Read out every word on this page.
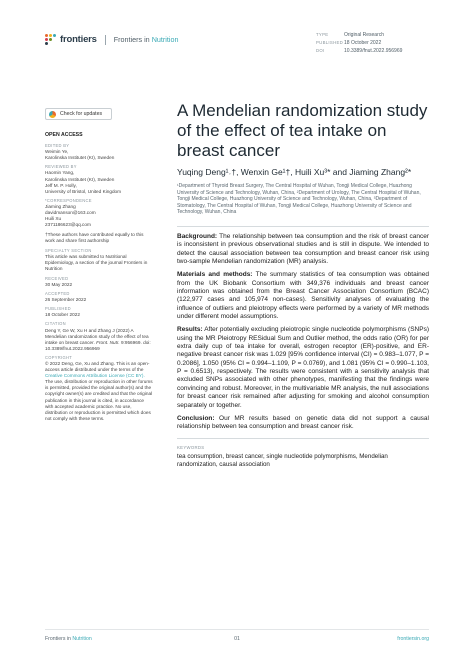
frontiers Frontiers in Nutrition
TYPE	Original Research
PUBLISHED18 October 2022
DOI	10.3389/fnut.2022.956969
Check for updates
OPEN ACCESS
EDITED BY
Weimin Ye,
Karolinska Institutet (KI), Sweden
REVIEWED BY
Haomin Yang,
Karolinska Institutet (KI), Sweden
Jeff M. P. Holly,
University of Bristol, United Kingdom
*CORRESPONDENCE
Jiaming Zhang
davidmanson@163.com
Huili Xu
2371186623@qq.com
†These authors have contributed equally to this work and share first authorship
SPECIALTY SECTION
This article was submitted to Nutritional Epidemiology, a section of the journal Frontiers in Nutrition
RECEIVED
30 May 2022
ACCEPTED
26 September 2022
PUBLISHED
18 October 2022
CITATION
Deng Y, Ge W, Xu H and Zhang J (2022) A Mendelian randomization study of the effect of tea intake on breast cancer. Front. Nutr. 9:956969. doi: 10.3389/fnut.2022.956969
COPYRIGHT
© 2022 Deng, Ge, Xu and Zhang. This is an open-access article distributed under the terms of the Creative Commons Attribution License (CC BY). The use, distribution or reproduction in other forums is permitted, provided the original author(s) and the copyright owner(s) are credited and that the original publication in this journal is cited, in accordance with accepted academic practice. No use, distribution or reproduction is permitted which does not comply with these terms.
A Mendelian randomization study of the effect of tea intake on breast cancer
Yuqing Deng¹˒†, Wenxin Ge¹†, Huili Xu³* and Jiaming Zhang²*
¹Department of Thyroid Breast Surgery, The Central Hospital of Wuhan, Tongji Medical College, Huazhong University of Science and Technology, Wuhan, China, ²Department of Urology, The Central Hospital of Wuhan, Tongji Medical College, Huazhong University of Science and Technology, Wuhan, China, ³Department of Stomatology, The Central Hospital of Wuhan, Tongji Medical College, Huazhong University of Science and Technology, Wuhan, China

Background: The relationship between tea consumption and the risk of breast cancer is inconsistent in previous observational studies and is still in dispute. We intended to detect the causal association between tea consumption and breast cancer risk using two-sample Mendelian randomization (MR) analysis.

Materials and methods: The summary statistics of tea consumption was obtained from the UK Biobank Consortium with 349,376 individuals and breast cancer information was obtained from the Breast Cancer Association Consortium (BCAC) (122,977 cases and 105,974 non-cases). Sensitivity analyses of evaluating the influence of outliers and pleiotropy effects were performed by a variety of MR methods under different model assumptions.

Results: After potentially excluding pleiotropic single nucleotide polymorphisms (SNPs) using the MR Pleiotropy RESidual Sum and Outlier method, the odds ratio (OR) for per extra daily cup of tea intake for overall, estrogen receptor (ER)-positive, and ER-negative breast cancer risk was 1.029 [95% confidence interval (CI) = 0.983–1.077, P = 0.2086], 1.050 (95% CI = 0.994–1.109, P = 0.0769), and 1.081 (95% CI = 0.990–1.103, P = 0.6513), respectively. The results were consistent with a sensitivity analysis that excluded SNPs associated with other phenotypes, manifesting that the findings were convincing and robust. Moreover, in the multivariable MR analysis, the null associations for breast cancer risk remained after adjusting for smoking and alcohol consumption separately or together.

Conclusion: Our MR results based on genetic data did not support a causal relationship between tea consumption and breast cancer risk.

KEYWORDS
tea consumption, breast cancer, single nucleotide polymorphisms, Mendelian randomization, causal association
Frontiers in Nutrition	01	frontiersin.org
